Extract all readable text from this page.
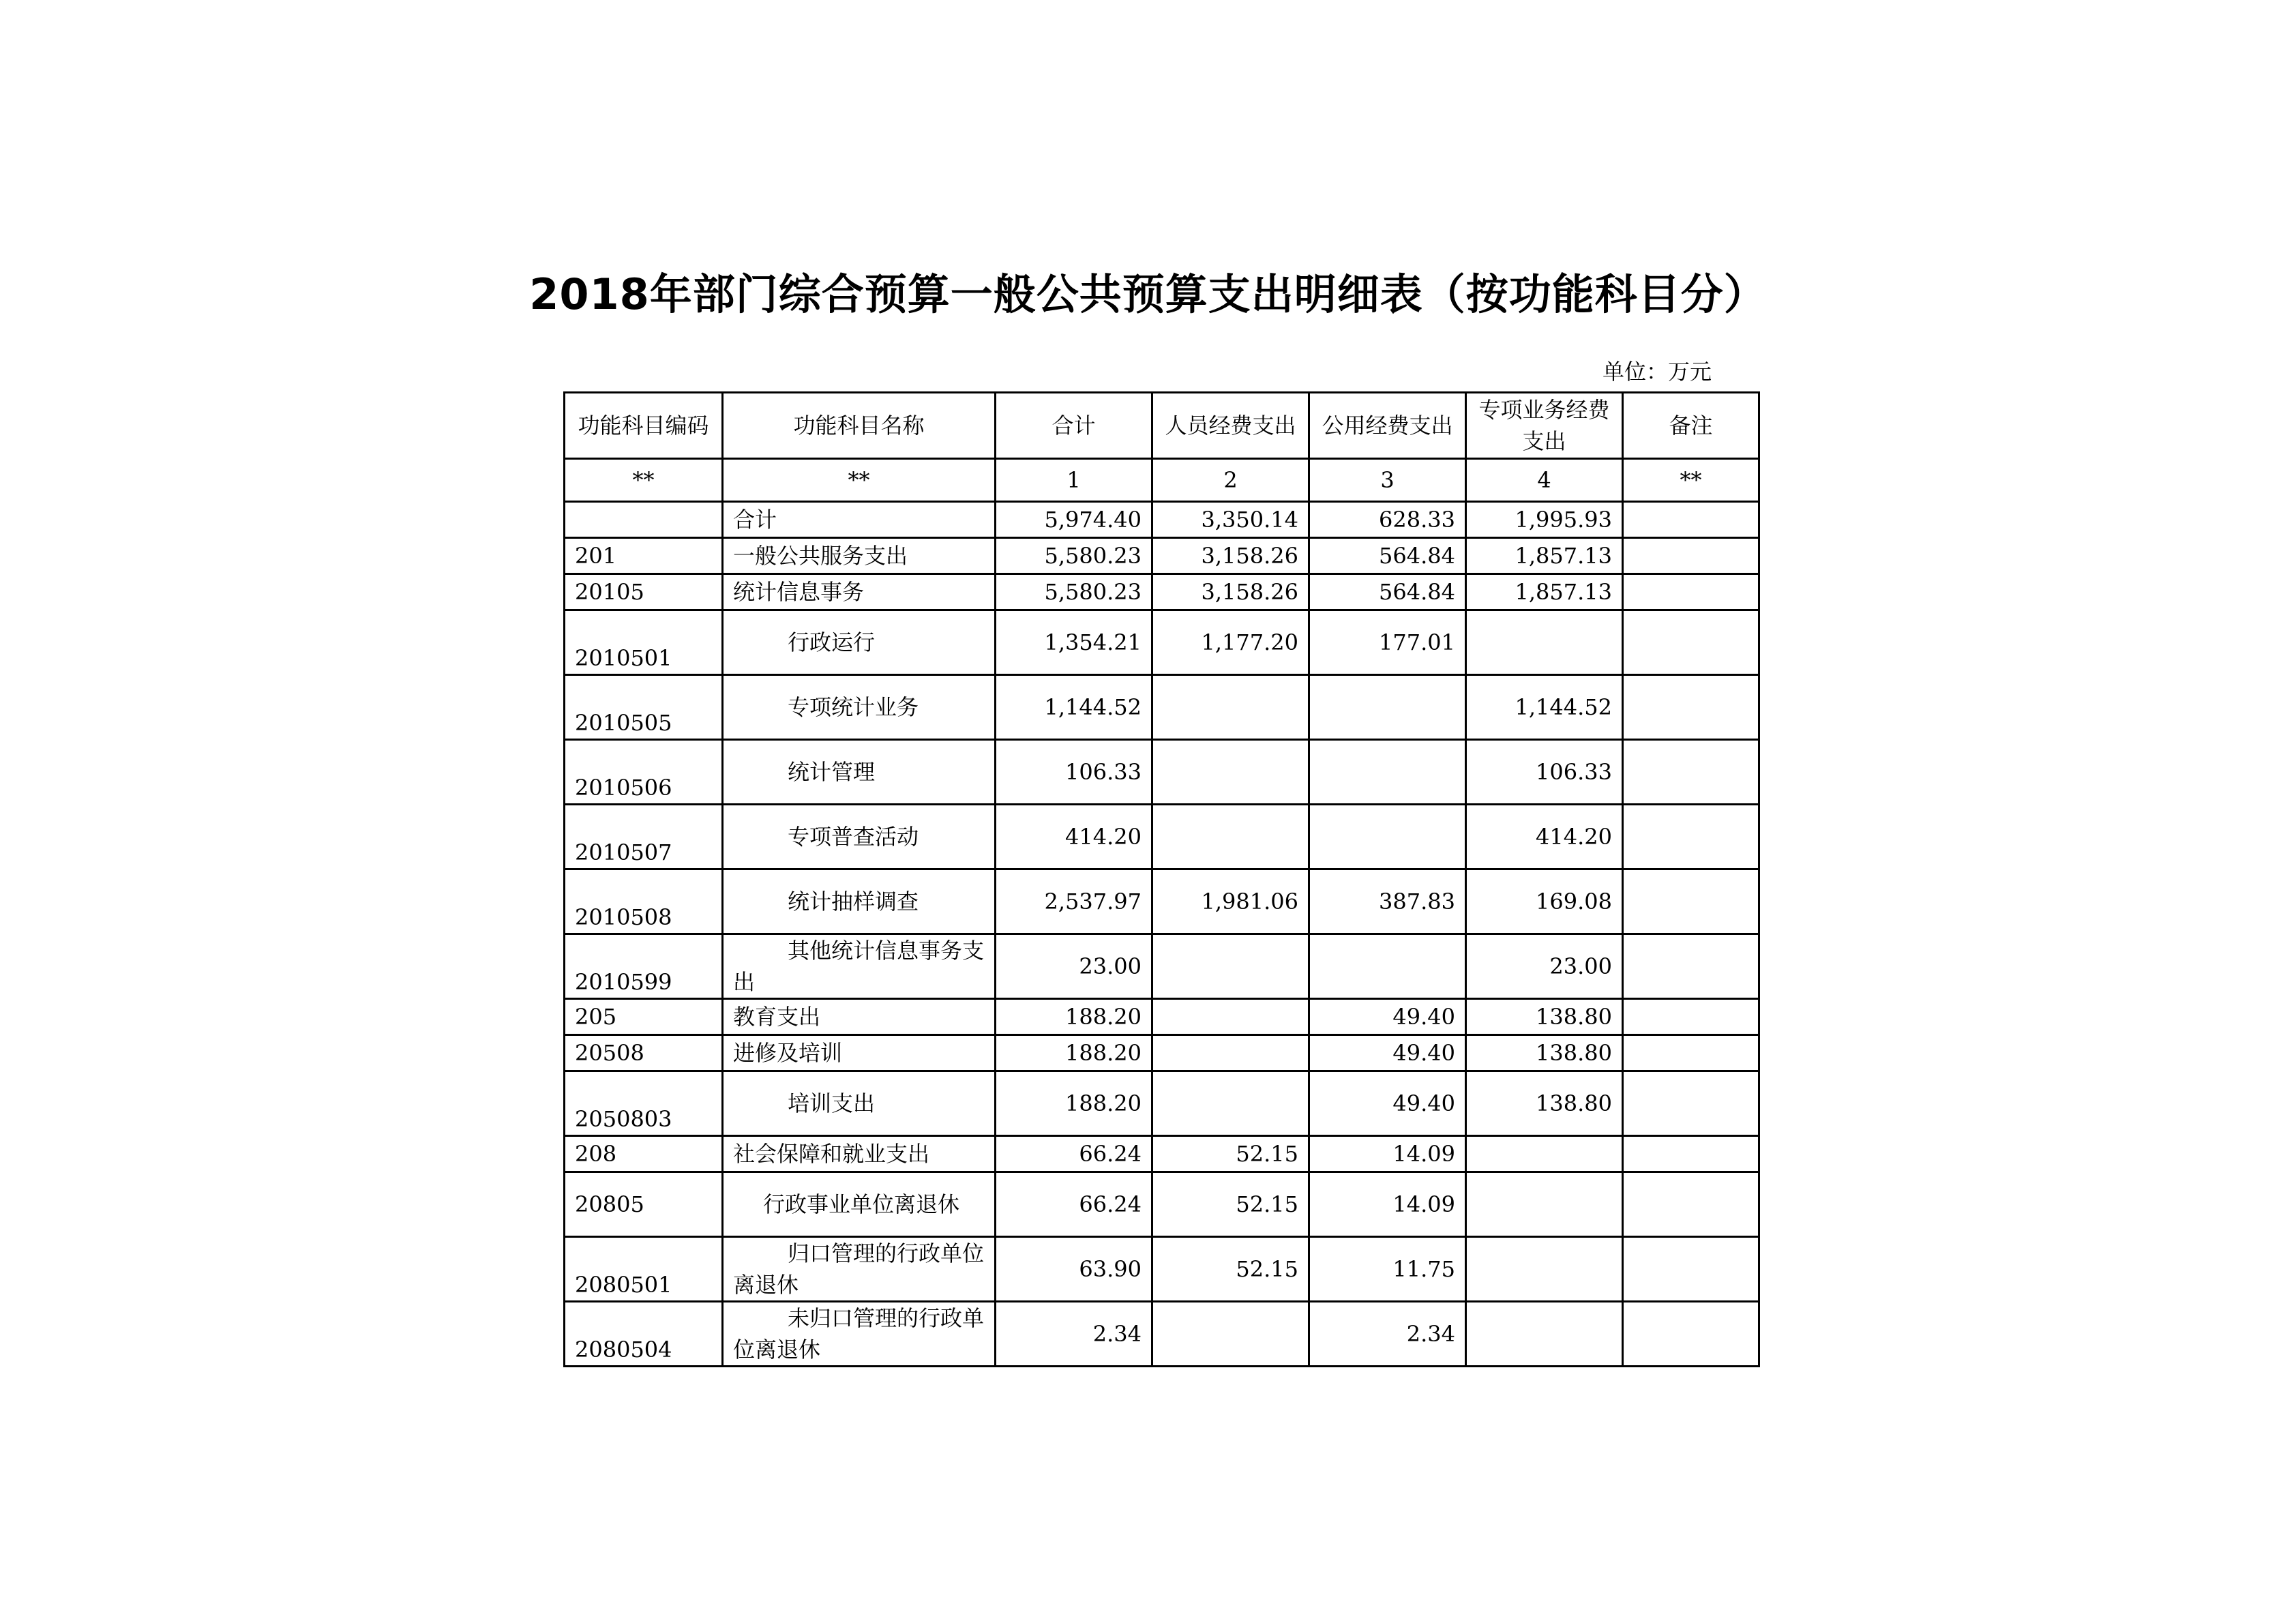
2018年部门综合预算一般公共预算支出明细表（按功能科目分）
单位：万元
功能科目编码	功能科目名称	合计	人员经费支出	公用经费支出	专项业务经费支出	备注
**	**	1	2	3	4	**
	合计	5,974.40	3,350.14	628.33	1,995.93	
201	一般公共服务支出	5,580.23	3,158.26	564.84	1,857.13	
20105	统计信息事务	5,580.23	3,158.26	564.84	1,857.13	
2010501	行政运行	1,354.21	1,177.20	177.01		
2010505	专项统计业务	1,144.52			1,144.52	
2010506	统计管理	106.33			106.33	
2010507	专项普查活动	414.20			414.20	
2010508	统计抽样调查	2,537.97	1,981.06	387.83	169.08	
2010599	其他统计信息事务支出	23.00			23.00	
205	教育支出	188.20		49.40	138.80	
20508	进修及培训	188.20		49.40	138.80	
2050803	培训支出	188.20		49.40	138.80	
208	社会保障和就业支出	66.24	52.15	14.09		
20805	行政事业单位离退休	66.24	52.15	14.09		
2080501	归口管理的行政单位离退休	63.90	52.15	11.75		
2080504	未归口管理的行政单位离退休	2.34		2.34		
